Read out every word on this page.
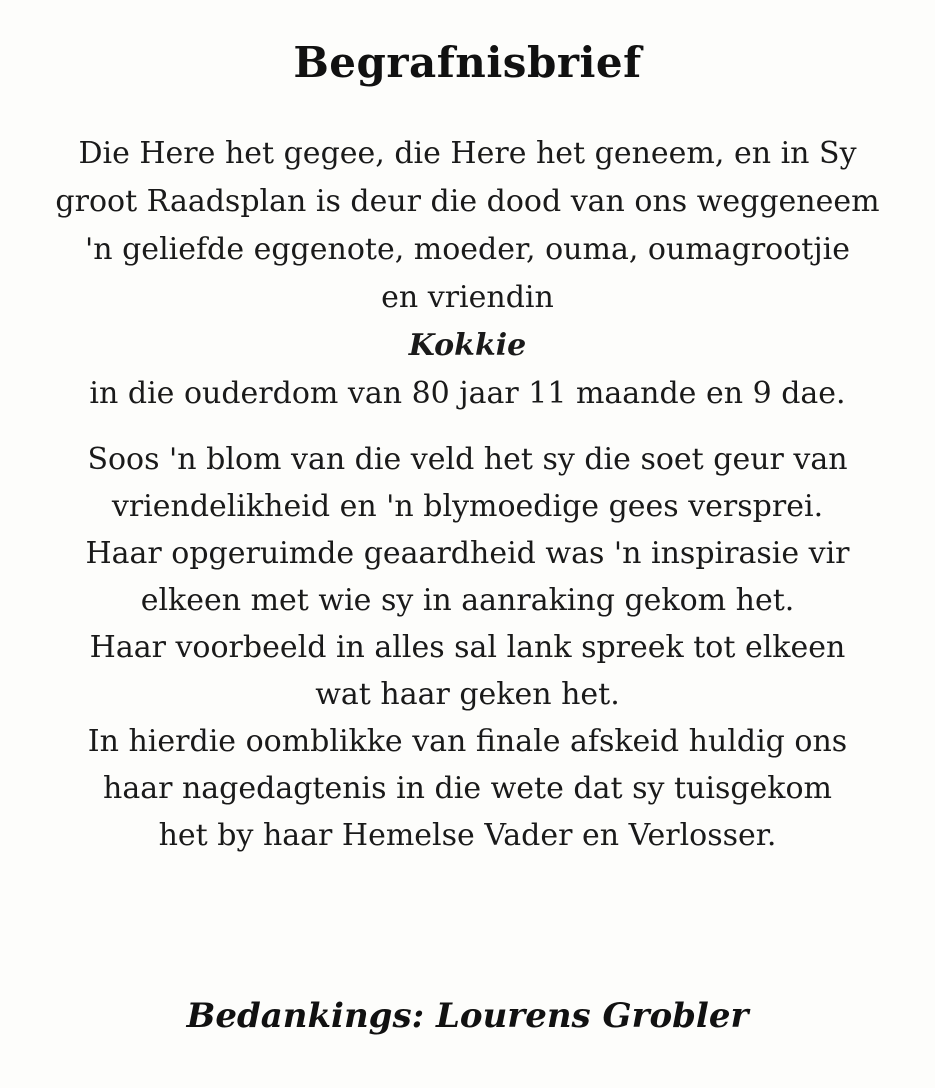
Begrafnisbrief
Die Here het gegee, die Here het geneem, en in Sy
groot Raadsplan is deur die dood van ons weggeneem
'n geliefde eggenote, moeder, ouma, oumagrootjie
en vriendin
Kokkie
in die ouderdom van 80 jaar 11 maande en 9 dae.
Soos 'n blom van die veld het sy die soet geur van
vriendelikheid en 'n blymoedige gees versprei.
Haar opgeruimde geaardheid was 'n inspirasie vir
elkeen met wie sy in aanraking gekom het.
Haar voorbeeld in alles sal lank spreek tot elkeen
wat haar geken het.
In hierdie oomblikke van finale afskeid huldig ons
haar nagedagtenis in die wete dat sy tuisgekom
het by haar Hemelse Vader en Verlosser.
Bedankings: Lourens Grobler
